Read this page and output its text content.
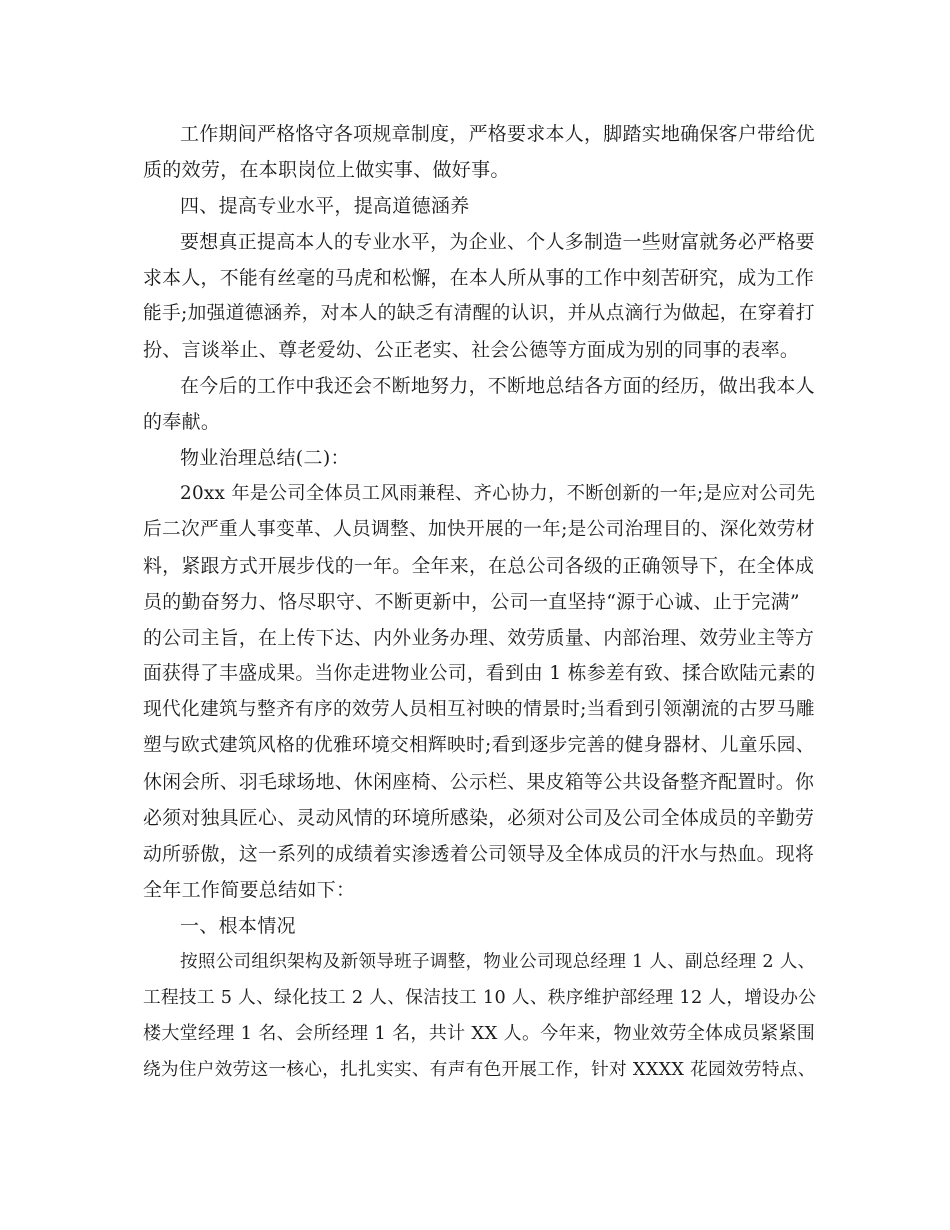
工作期间严格恪守各项规章制度，严格要求本人，脚踏实地确保客户带给优
质的效劳，在本职岗位上做实事、做好事。
四、提高专业水平，提高道德涵养
要想真正提高本人的专业水平，为企业、个人多制造一些财富就务必严格要
求本人，不能有丝毫的马虎和松懈，在本人所从事的工作中刻苦研究，成为工作
能手;加强道德涵养，对本人的缺乏有清醒的认识，并从点滴行为做起，在穿着打
扮、言谈举止、尊老爱幼、公正老实、社会公德等方面成为别的同事的表率。
在今后的工作中我还会不断地努力，不断地总结各方面的经历，做出我本人
的奉献。
物业治理总结(二)：
20xx 年是公司全体员工风雨兼程、齐心协力，不断创新的一年;是应对公司先
后二次严重人事变革、人员调整、加快开展的一年;是公司治理目的、深化效劳材
料，紧跟方式开展步伐的一年。全年来，在总公司各级的正确领导下，在全体成
员的勤奋努力、恪尽职守、不断更新中，公司一直坚持“源于心诚、止于完满”
的公司主旨，在上传下达、内外业务办理、效劳质量、内部治理、效劳业主等方
面获得了丰盛成果。当你走进物业公司，看到由 1 栋参差有致、揉合欧陆元素的
现代化建筑与整齐有序的效劳人员相互衬映的情景时;当看到引领潮流的古罗马雕
塑与欧式建筑风格的优雅环境交相辉映时;看到逐步完善的健身器材、儿童乐园、
休闲会所、羽毛球场地、休闲座椅、公示栏、果皮箱等公共设备整齐配置时。你
必须对独具匠心、灵动风情的环境所感染，必须对公司及公司全体成员的辛勤劳
动所骄傲，这一系列的成绩着实渗透着公司领导及全体成员的汗水与热血。现将
全年工作简要总结如下：
一、根本情况
按照公司组织架构及新领导班子调整，物业公司现总经理 1 人、副总经理 2 人、
工程技工 5 人、绿化技工 2 人、保洁技工 10 人、秩序维护部经理 12 人，增设办公
楼大堂经理 1 名、会所经理 1 名，共计 XX 人。今年来，物业效劳全体成员紧紧围
绕为住户效劳这一核心，扎扎实实、有声有色开展工作，针对 XXXX 花园效劳特点、
